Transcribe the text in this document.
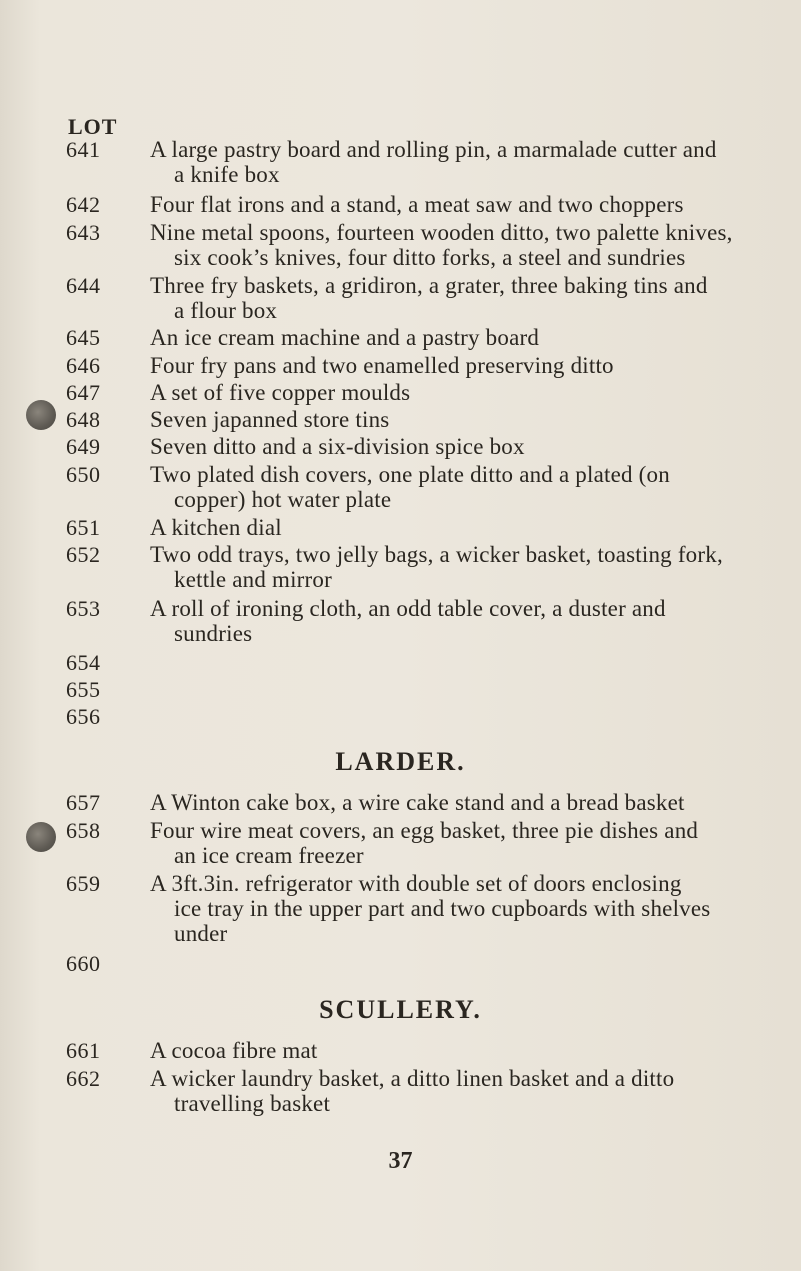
LOT
641
642
643
644
645
646
647
648
649
650
651
652
653
654
655
656
657
658
659
660
661
662
A large pastry board and rolling pin, a marmalade cutter and
a knife box
Four flat irons and a stand, a meat saw and two choppers
Nine metal spoons, fourteen wooden ditto, two palette knives,
six cook’s knives, four ditto forks, a steel and sundries
Three fry baskets, a gridiron, a grater, three baking tins and
a flour box
An ice cream machine and a pastry board
Four fry pans and two enamelled preserving ditto
A set of five copper moulds
Seven japanned store tins
Seven ditto and a six-division spice box
Two plated dish covers, one plate ditto and a plated (on
copper) hot water plate
A kitchen dial
Two odd trays, two jelly bags, a wicker basket, toasting fork,
kettle and mirror
A roll of ironing cloth, an odd table cover, a duster and
sundries
LARDER.
A Winton cake box, a wire cake stand and a bread basket
Four wire meat covers, an egg basket, three pie dishes and
an ice cream freezer
A 3ft.3in. refrigerator with double set of doors enclosing
ice tray in the upper part and two cupboards with shelves
under
SCULLERY.
A cocoa fibre mat
A wicker laundry basket, a ditto linen basket and a ditto
travelling basket
37
